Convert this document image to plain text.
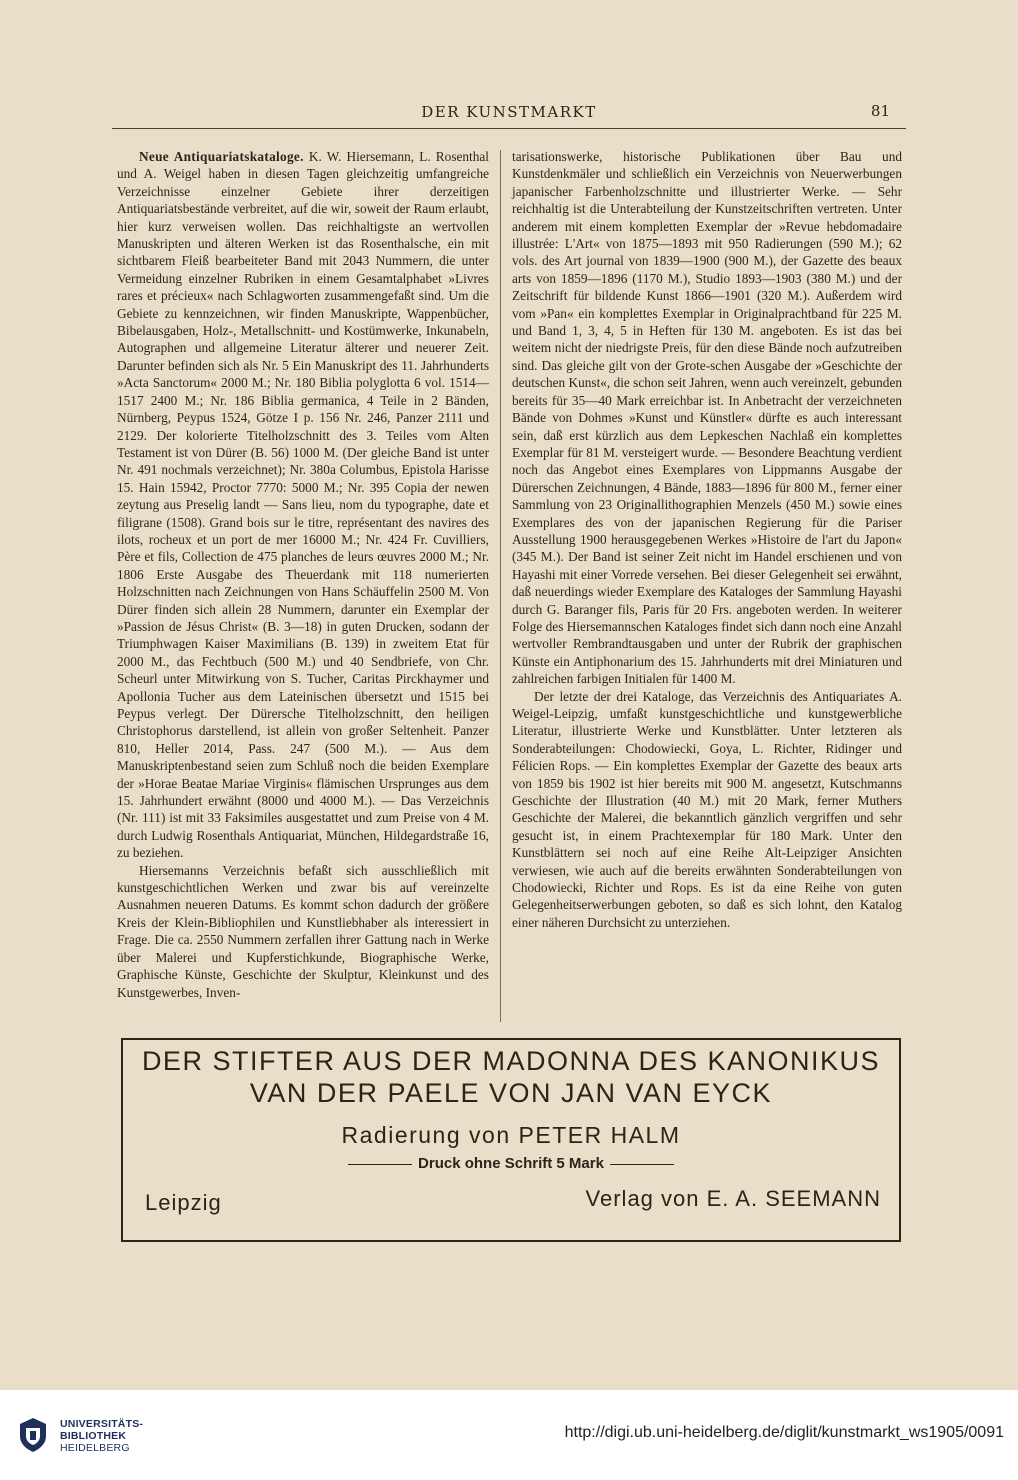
DER KUNSTMARKT	81

Neue Antiquariatskataloge. K. W. Hiersemann, L. Rosenthal und A. Weigel haben in diesen Tagen gleichzeitig umfangreiche Verzeichnisse einzelner Gebiete ihrer derzeitigen Antiquariatsbestände verbreitet, auf die wir, soweit der Raum erlaubt, hier kurz verweisen wollen. Das reichhaltigste an wertvollen Manuskripten und älteren Werken ist das Rosenthalsche, ein mit sichtbarem Fleiß bearbeiteter Band mit 2043 Nummern, die unter Vermeidung einzelner Rubriken in einem Gesamtalphabet »Livres rares et précieux« nach Schlagworten zusammengefaßt sind. Um die Gebiete zu kennzeichnen, wir finden Manuskripte, Wappenbücher, Bibelausgaben, Holz-, Metallschnitt- und Kostümwerke, Inkunabeln, Autographen und allgemeine Literatur älterer und neuerer Zeit. Darunter befinden sich als Nr. 5 Ein Manuskript des 11. Jahrhunderts »Acta Sanctorum« 2000 M.; Nr. 180 Biblia polyglotta 6 vol. 1514—1517 2400 M.; Nr. 186 Biblia germanica, 4 Teile in 2 Bänden, Nürnberg, Peypus 1524, Götze I p. 156 Nr. 246, Panzer 2111 und 2129. Der kolorierte Titelholzschnitt des 3. Teiles vom Alten Testament ist von Dürer (B. 56) 1000 M. (Der gleiche Band ist unter Nr. 491 nochmals verzeichnet); Nr. 380a Columbus, Epistola Harisse 15. Hain 15942, Proctor 7770: 5000 M.; Nr. 395 Copia der newen zeytung aus Preselig landt — Sans lieu, nom du typographe, date et filigrane (1508). Grand bois sur le titre, représentant des navires des ilots, rocheux et un port de mer 16000 M.; Nr. 424 Fr. Cuvilliers, Père et fils, Collection de 475 planches de leurs œuvres 2000 M.; Nr. 1806 Erste Ausgabe des Theuerdank mit 118 numerierten Holzschnitten nach Zeichnungen von Hans Schäuffelin 2500 M. Von Dürer finden sich allein 28 Nummern, darunter ein Exemplar der »Passion de Jésus Christ« (B. 3—18) in guten Drucken, sodann der Triumphwagen Kaiser Maximilians (B. 139) in zweitem Etat für 2000 M., das Fechtbuch (500 M.) und 40 Sendbriefe, von Chr. Scheurl unter Mitwirkung von S. Tucher, Caritas Pirckhaymer und Apollonia Tucher aus dem Lateinischen übersetzt und 1515 bei Peypus verlegt. Der Dürersche Titelholzschnitt, den heiligen Christophorus darstellend, ist allein von großer Seltenheit. Panzer 810, Heller 2014, Pass. 247 (500 M.). — Aus dem Manuskriptenbestand seien zum Schluß noch die beiden Exemplare der »Horae Beatae Mariae Virginis« flämischen Ursprunges aus dem 15. Jahrhundert erwähnt (8000 und 4000 M.). — Das Verzeichnis (Nr. 111) ist mit 33 Faksimiles ausgestattet und zum Preise von 4 M. durch Ludwig Rosenthals Antiquariat, München, Hildegardstraße 16, zu beziehen.

Hiersemanns Verzeichnis befaßt sich ausschließlich mit kunstgeschichtlichen Werken und zwar bis auf vereinzelte Ausnahmen neueren Datums. Es kommt schon dadurch der größere Kreis der Klein-Bibliophilen und Kunstliebhaber als interessiert in Frage. Die ca. 2550 Nummern zerfallen ihrer Gattung nach in Werke über Malerei und Kupferstichkunde, Biographische Werke, Graphische Künste, Geschichte der Skulptur, Kleinkunst und des Kunstgewerbes, Inven-

tarisationswerke, historische Publikationen über Bau und Kunstdenkmäler und schließlich ein Verzeichnis von Neuerwerbungen japanischer Farbenholzschnitte und illustrierter Werke. — Sehr reichhaltig ist die Unterabteilung der Kunstzeitschriften vertreten. Unter anderem mit einem kompletten Exemplar der »Revue hebdomadaire illustrée: L'Art« von 1875—1893 mit 950 Radierungen (590 M.); 62 vols. des Art journal von 1839—1900 (900 M.), der Gazette des beaux arts von 1859—1896 (1170 M.), Studio 1893—1903 (380 M.) und der Zeitschrift für bildende Kunst 1866—1901 (320 M.). Außerdem wird vom »Pan« ein komplettes Exemplar in Originalprachtband für 225 M. und Band 1, 3, 4, 5 in Heften für 130 M. angeboten. Es ist das bei weitem nicht der niedrigste Preis, für den diese Bände noch aufzutreiben sind. Das gleiche gilt von der Grote-schen Ausgabe der »Geschichte der deutschen Kunst«, die schon seit Jahren, wenn auch vereinzelt, gebunden bereits für 35—40 Mark erreichbar ist. In Anbetracht der verzeichneten Bände von Dohmes »Kunst und Künstler« dürfte es auch interessant sein, daß erst kürzlich aus dem Lepkeschen Nachlaß ein komplettes Exemplar für 81 M. versteigert wurde. — Besondere Beachtung verdient noch das Angebot eines Exemplares von Lippmanns Ausgabe der Dürerschen Zeichnungen, 4 Bände, 1883—1896 für 800 M., ferner einer Sammlung von 23 Originallithographien Menzels (450 M.) sowie eines Exemplares des von der japanischen Regierung für die Pariser Ausstellung 1900 herausgegebenen Werkes »Histoire de l'art du Japon« (345 M.). Der Band ist seiner Zeit nicht im Handel erschienen und von Hayashi mit einer Vorrede versehen. Bei dieser Gelegenheit sei erwähnt, daß neuerdings wieder Exemplare des Kataloges der Sammlung Hayashi durch G. Baranger fils, Paris für 20 Frs. angeboten werden. In weiterer Folge des Hiersemannschen Kataloges findet sich dann noch eine Anzahl wertvoller Rembrandtausgaben und unter der Rubrik der graphischen Künste ein Antiphonarium des 15. Jahrhunderts mit drei Miniaturen und zahlreichen farbigen Initialen für 1400 M.

Der letzte der drei Kataloge, das Verzeichnis des Antiquariates A. Weigel-Leipzig, umfaßt kunstgeschichtliche und kunstgewerbliche Literatur, illustrierte Werke und Kunstblätter. Unter letzteren als Sonderabteilungen: Chodowiecki, Goya, L. Richter, Ridinger und Félicien Rops. — Ein komplettes Exemplar der Gazette des beaux arts von 1859 bis 1902 ist hier bereits mit 900 M. angesetzt, Kutschmanns Geschichte der Illustration (40 M.) mit 20 Mark, ferner Muthers Geschichte der Malerei, die bekanntlich gänzlich vergriffen und sehr gesucht ist, in einem Prachtexemplar für 180 Mark. Unter den Kunstblättern sei noch auf eine Reihe Alt-Leipziger Ansichten verwiesen, wie auch auf die bereits erwähnten Sonderabteilungen von Chodowiecki, Richter und Rops. Es ist da eine Reihe von guten Gelegenheitserwerbungen geboten, so daß es sich lohnt, den Katalog einer näheren Durchsicht zu unterziehen.

DER STIFTER AUS DER MADONNA DES KANONIKUS
VAN DER PAELE VON JAN VAN EYCK
Radierung von PETER HALM
Druck ohne Schrift 5 Mark
Leipzig	Verlag von E. A. SEEMANN
UNIVERSITÄTS-
BIBLIOTHEK
HEIDELBERG
http://digi.ub.uni-heidelberg.de/diglit/kunstmarkt_ws1905/0091
